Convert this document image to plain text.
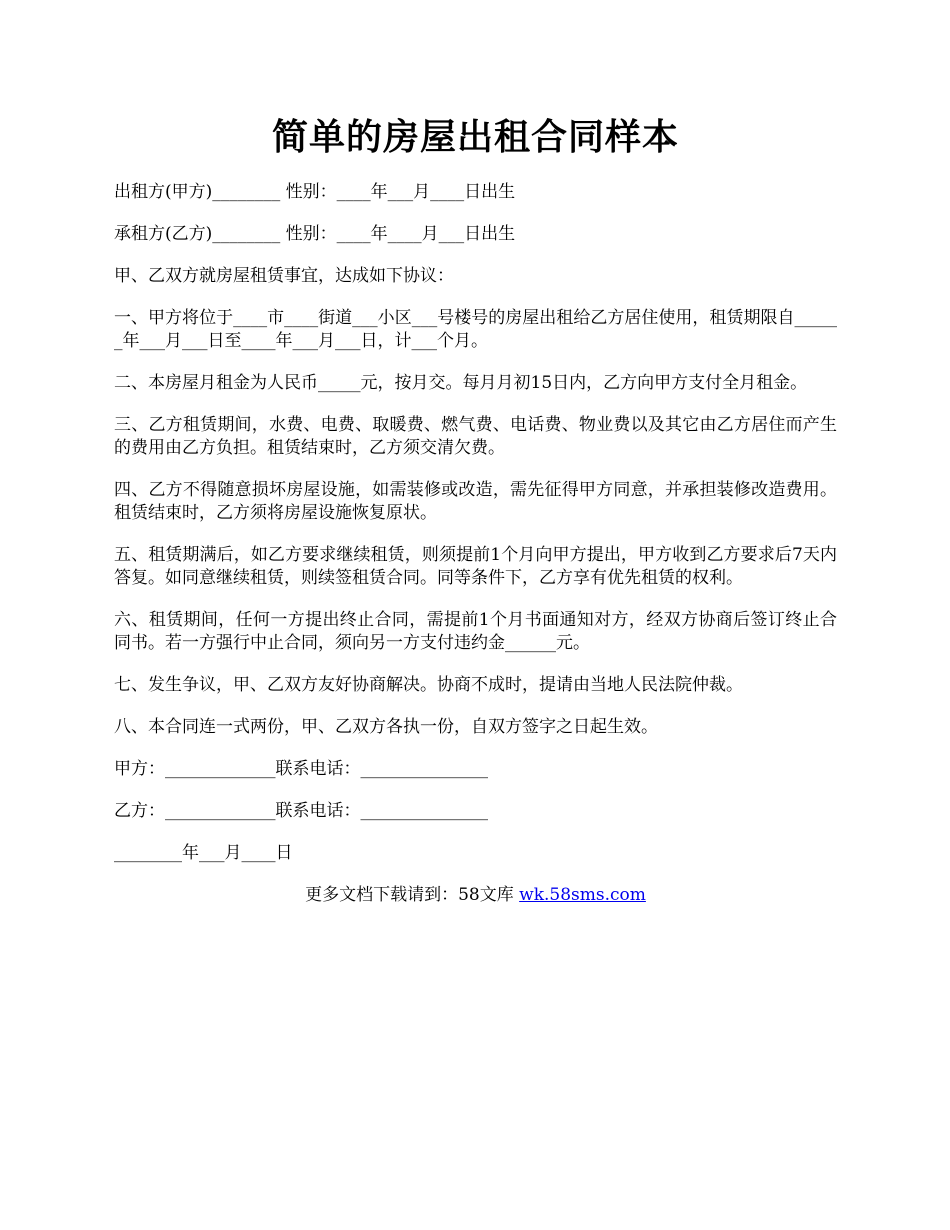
简单的房屋出租合同样本

出租方(甲方)________ 性别：____年___月____日出生

承租方(乙方)________ 性别：____年____月___日出生

甲、乙双方就房屋租赁事宜，达成如下协议：

一、甲方将位于____市____街道___小区___号楼号的房屋出租给乙方居住使用，租赁期限自______年___月___日至____年___月___日，计___个月。

二、本房屋月租金为人民币_____元，按月交。每月月初15日内，乙方向甲方支付全月租金。

三、乙方租赁期间，水费、电费、取暖费、燃气费、电话费、物业费以及其它由乙方居住而产生的费用由乙方负担。租赁结束时，乙方须交清欠费。

四、乙方不得随意损坏房屋设施，如需装修或改造，需先征得甲方同意，并承担装修改造费用。租赁结束时，乙方须将房屋设施恢复原状。

五、租赁期满后，如乙方要求继续租赁，则须提前1个月向甲方提出，甲方收到乙方要求后7天内答复。如同意继续租赁，则续签租赁合同。同等条件下，乙方享有优先租赁的权利。

六、租赁期间，任何一方提出终止合同，需提前1个月书面通知对方，经双方协商后签订终止合同书。若一方强行中止合同，须向另一方支付违约金______元。

七、发生争议，甲、乙双方友好协商解决。协商不成时，提请由当地人民法院仲裁。

八、本合同连一式两份，甲、乙双方各执一份，自双方签字之日起生效。

甲方：_____________联系电话：_______________

乙方：_____________联系电话：_______________

________年___月____日

更多文档下载请到：58文库 wk.58sms.com
